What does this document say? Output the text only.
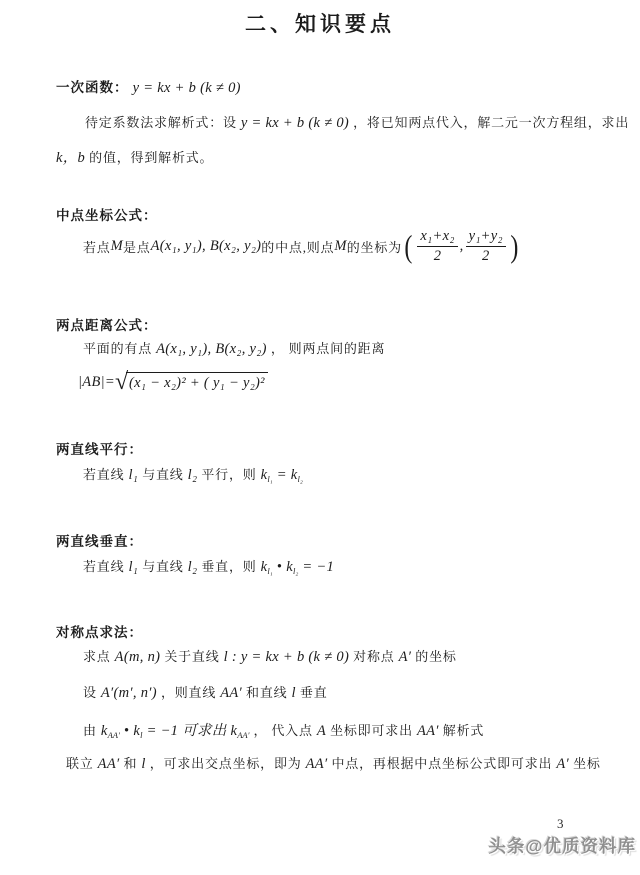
二、知识要点
一次函数： y = kx + b (k ≠ 0)
待定系数法求解析式：设 y = kx + b (k ≠ 0) ，将已知两点代入，解二元一次方程组，求出
k，b 的值，得到解析式。
中点坐标公式：
若点 M 是点 A(x₁, y₁), B(x₂, y₂) 的中点,则点 M 的坐标为 ( $\frac{\text{x₁+x₂}}{2}$ , $\frac{\text{y₁+y₂}}{2}$ )
两点距离公式：
平面的有点 A(x₁, y₁), B(x₂, y₂) ， 则两点间的距离
|AB|= √ (x₁ − x₂)² + ( y₁ − y₂)²
两直线平行：
若直线 l₁ 与直线 l₂ 平行，则 $k_{l_1} = k_{l_2}$
两直线垂直：
若直线 l₁ 与直线 l₂ 垂直，则 $k_{l_1}$ • $k_{l_2} = -1$
对称点求法：
求点 A(m, n) 关于直线 l : y = kx + b (k ≠ 0) 对称点 A′ 的坐标
设 A′(m′, n′) ，则直线 AA′ 和直线 l 垂直
由 $k_{AA'}$ • $k_l = -1$ 可求出 $k_{AA'}$ ， 代入点 A 坐标即可求出 AA′ 解析式
联立 AA′ 和 l ，可求出交点坐标，即为 AA′ 中点，再根据中点坐标公式即可求出 A′ 坐标
3
头条@优质资料库
